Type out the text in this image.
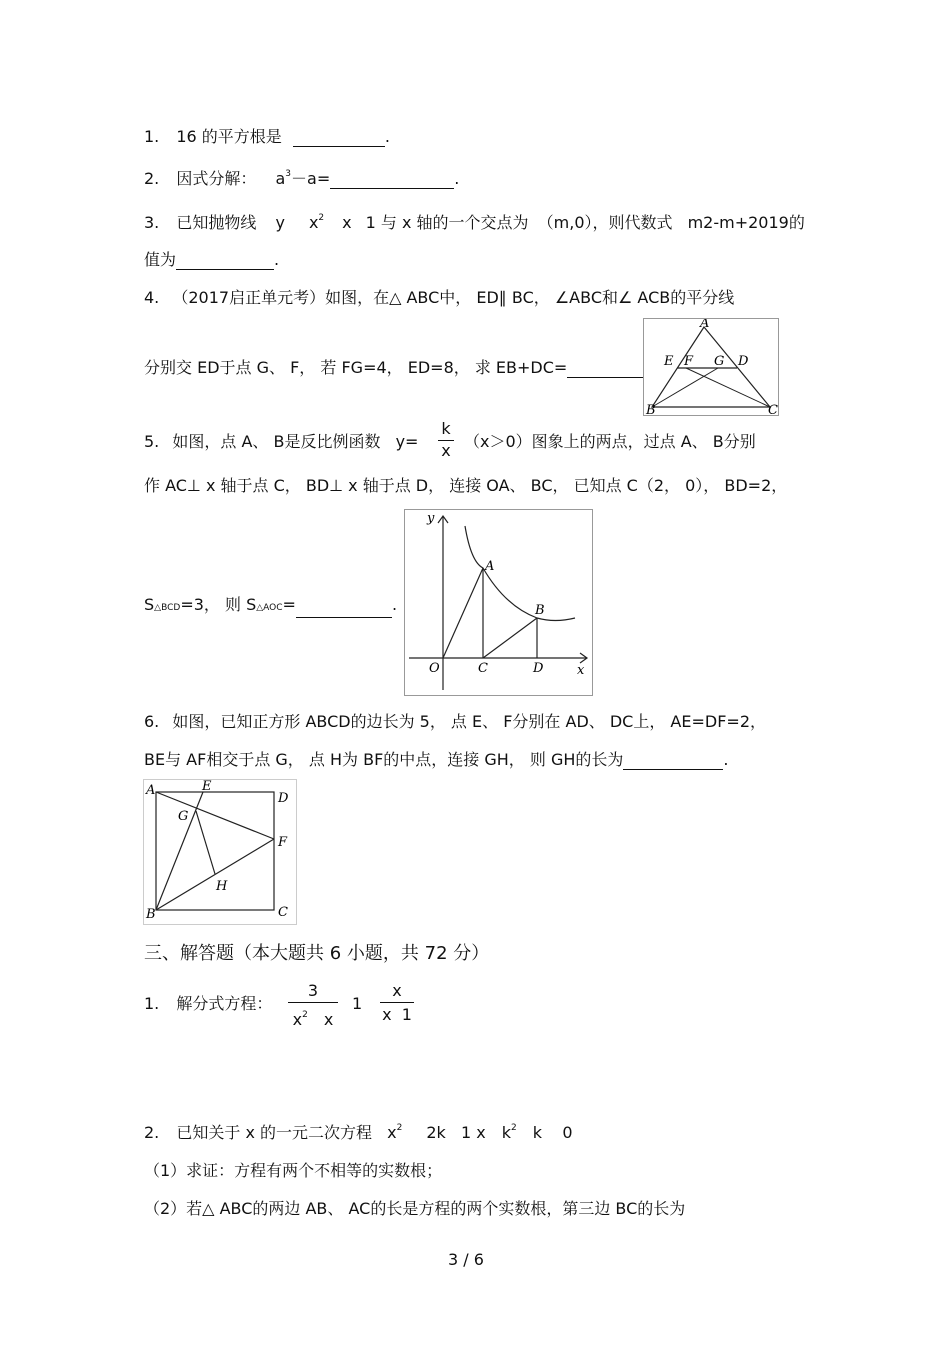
1. 16 的平方根是	.
2. 因式分解： $a^3-a=$	.
3. 已知抛物线 y $x^2$ x 1 与 x 轴的一个交点为 （m,0），则代数式 m2-m+2019的
值为	.
4. （2017启正单元考）如图，在△ ABC中， ED∥ BC， ∠ABC和∠ ACB的平分线
分别交 ED于点 G、 F， 若 FG=4， ED=8， 求 EB+DC=
A
E F G D
B	C
5. 如图，点 A、 B是反比例函数 y=
k
x （x＞0）图象上的两点，过点 A、 B分别
作 AC⊥ x 轴于点 C， BD⊥ x 轴于点 D， 连接 OA、 BC， 已知点 C（2， 0）， BD=2，
S△BCD=3， 则 S△AOC=	.
y
x
O
A
B
C	D
6. 如图，已知正方形 ABCD的边长为 5， 点 E、 F分别在 AD、 DC上， AE=DF=2，
BE与 AF相交于点 G， 点 H为 BF的中点，连接 GH， 则 GH的长为	.
A	E
D
G
F
H
B	C
三、解答题（本大题共 6 小题，共 72 分）
1. 解分式方程：
3
$x^2$ x
1
x
x  1
2. 已知关于 x 的一元二次方程 $x^2$ 2k   1 x $k^2$ k    0
（1）求证：方程有两个不相等的实数根；
（2）若△ ABC的两边 AB、 AC的长是方程的两个实数根，第三边 BC的长为
3 / 6
